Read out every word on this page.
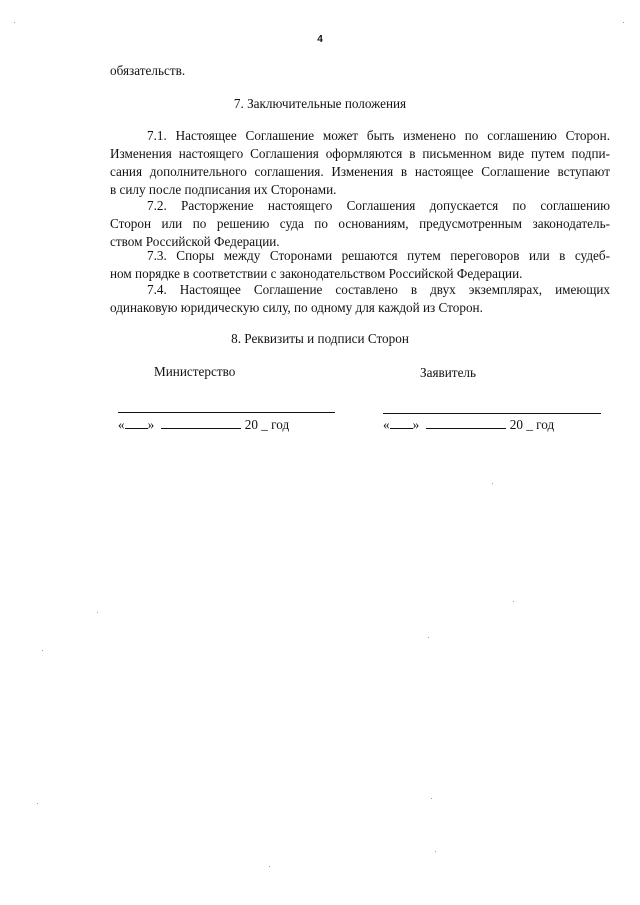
4
обязательств.
7. Заключительные положения
7.1. Настоящее Соглашение может быть изменено по соглашению Сторон.
Изменения настоящего Соглашения оформляются в письменном виде путем подпи-
сания дополнительного соглашения. Изменения в настоящее Соглашение вступают
в силу после подписания их Сторонами.
7.2. Расторжение настоящего Соглашения допускается по соглашению
Сторон или по решению суда по основаниям, предусмотренным законодатель-
ством Российской Федерации.
7.3. Споры между Сторонами решаются путем переговоров или в судеб-
ном порядке в соответствии с законодательством Российской Федерации.
7.4. Настоящее Соглашение составлено в двух экземплярах, имеющих
одинаковую юридическую силу, по одному для каждой из Сторон.
8. Реквизиты и подписи Сторон
Министерство	Заявитель
« »	20 _ год	« »	20 _ год
